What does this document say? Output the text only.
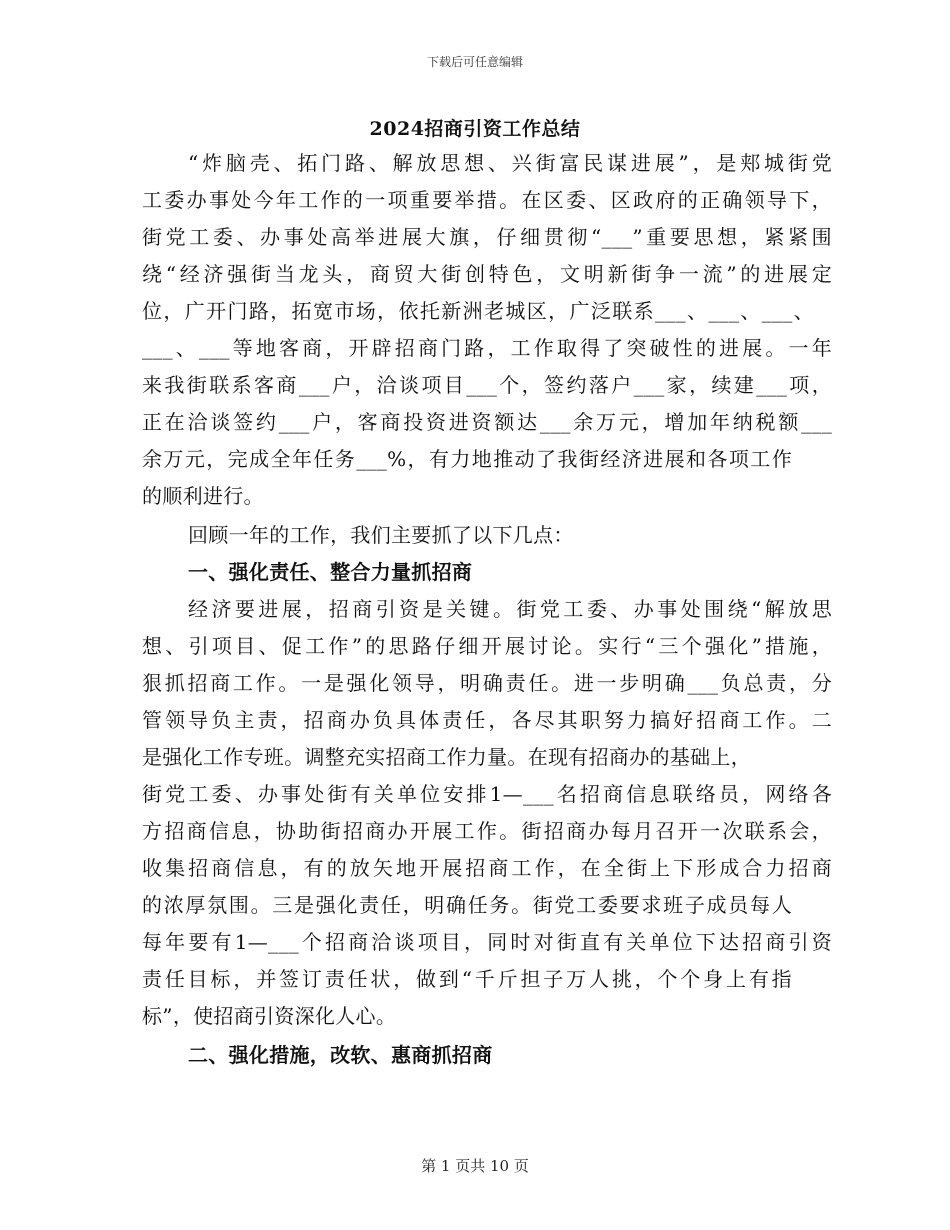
下载后可任意编辑
2024招商引资工作总结
“炸脑壳、拓门路、解放思想、兴街富民谋进展”，是郏城街党
工委办事处今年工作的一项重要举措。在区委、区政府的正确领导下，
街党工委、办事处高举进展大旗，仔细贯彻“___”重要思想，紧紧围
绕“经济强街当龙头，商贸大街创特色，文明新街争一流”的进展定
位，广开门路，拓宽市场，依托新洲老城区，广泛联系___、___、___、
___、___等地客商，开辟招商门路，工作取得了突破性的进展。一年
来我街联系客商___户，洽谈项目___个，签约落户___家，续建___项，
正在洽谈签约___户，客商投资进资额达___余万元，增加年纳税额___
余万元，完成全年任务___%，有力地推动了我街经济进展和各项工作
的顺利进行。
回顾一年的工作，我们主要抓了以下几点：
一、强化责任、整合力量抓招商
经济要进展，招商引资是关键。街党工委、办事处围绕“解放思
想、引项目、促工作”的思路仔细开展讨论。实行“三个强化”措施，
狠抓招商工作。一是强化领导，明确责任。进一步明确___负总责，分
管领导负主责，招商办负具体责任，各尽其职努力搞好招商工作。二
是强化工作专班。调整充实招商工作力量。在现有招商办的基础上，
街党工委、办事处街有关单位安排1—___名招商信息联络员，网络各
方招商信息，协助街招商办开展工作。街招商办每月召开一次联系会，
收集招商信息，有的放矢地开展招商工作，在全街上下形成合力招商
的浓厚氛围。三是强化责任，明确任务。街党工委要求班子成员每人
每年要有1—___个招商洽谈项目，同时对街直有关单位下达招商引资
责任目标，并签订责任状，做到“千斤担子万人挑，个个身上有指
标”，使招商引资深化人心。
二、强化措施，改软、惠商抓招商
第 1 页共 10 页
